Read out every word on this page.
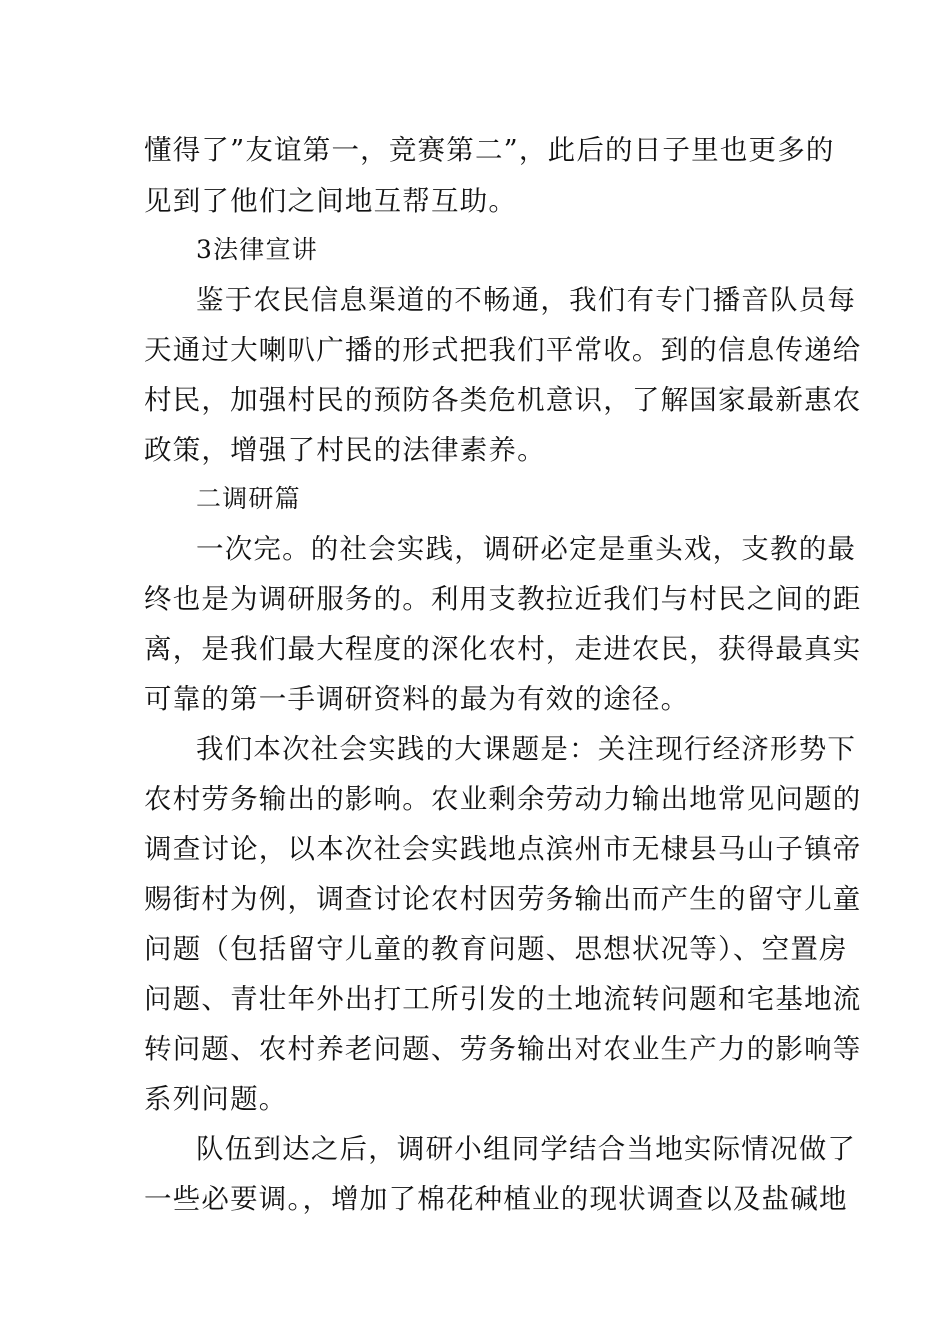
懂得了”友谊第一，竞赛第二”，此后的日子里也更多的
见到了他们之间地互帮互助。
3法律宣讲
鉴于农民信息渠道的不畅通，我们有专门播音队员每
天通过大喇叭广播的形式把我们平常收。到的信息传递给
村民，加强村民的预防各类危机意识，了解国家最新惠农
政策，增强了村民的法律素养。
二调研篇
一次完。的社会实践，调研必定是重头戏，支教的最
终也是为调研服务的。利用支教拉近我们与村民之间的距
离，是我们最大程度的深化农村，走进农民，获得最真实
可靠的第一手调研资料的最为有效的途径。
我们本次社会实践的大课题是：关注现行经济形势下
农村劳务输出的影响。农业剩余劳动力输出地常见问题的
调查讨论，以本次社会实践地点滨州市无棣县马山子镇帝
赐街村为例，调查讨论农村因劳务输出而产生的留守儿童
问题（包括留守儿童的教育问题、思想状况等）、空置房
问题、青壮年外出打工所引发的土地流转问题和宅基地流
转问题、农村养老问题、劳务输出对农业生产力的影响等
系列问题。
队伍到达之后，调研小组同学结合当地实际情况做了
一些必要调。，增加了棉花种植业的现状调查以及盐碱地
